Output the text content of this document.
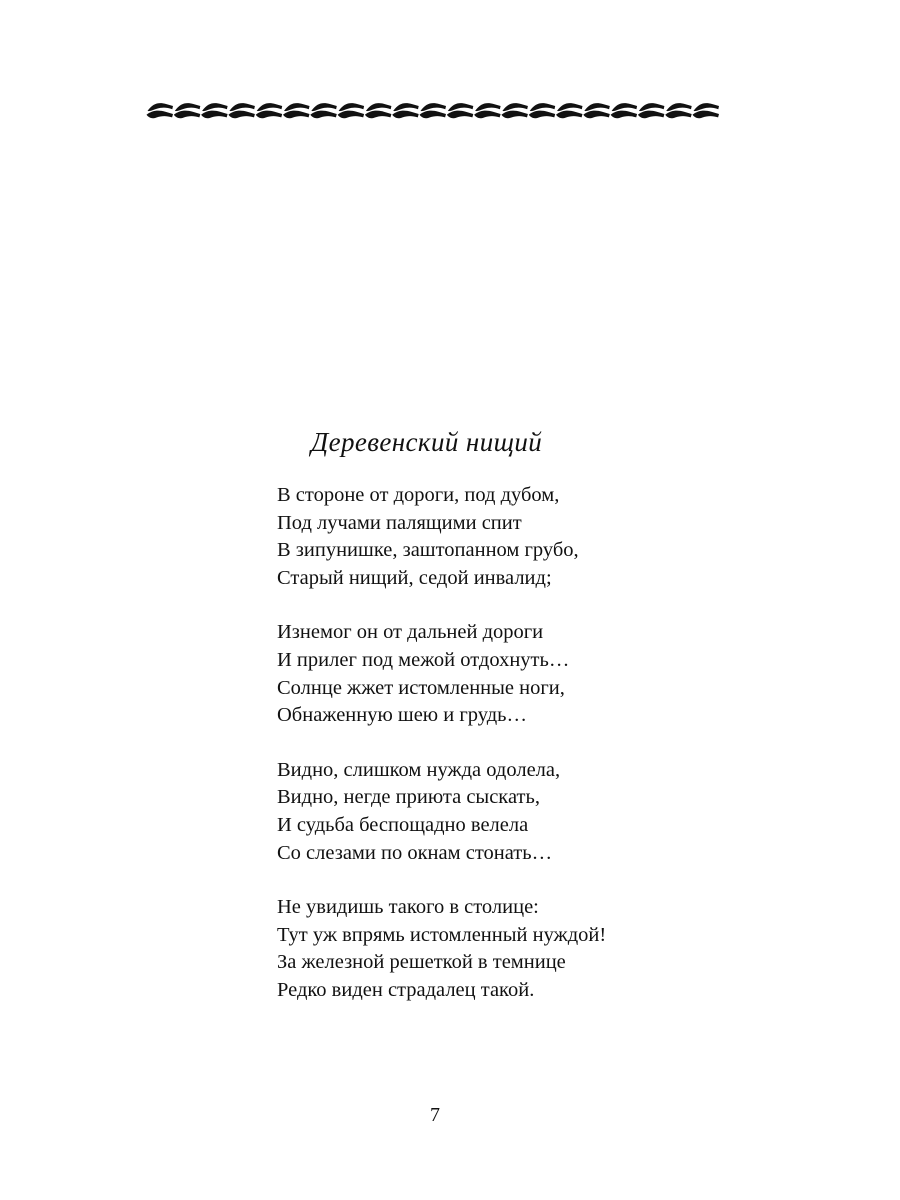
Деревенский нищий
В стороне от дороги, под дубом,
Под лучами палящими спит
В зипунишке, заштопанном грубо,
Старый нищий, седой инвалид;
Изнемог он от дальней дороги
И прилег под межой отдохнуть…
Солнце жжет истомленные ноги,
Обнаженную шею и грудь…
Видно, слишком нужда одолела,
Видно, негде приюта сыскать,
И судьба беспощадно велела
Со слезами по окнам стонать…
Не увидишь такого в столице:
Тут уж впрямь истомленный нуждой!
За железной решеткой в темнице
Редко виден страдалец такой.
7
